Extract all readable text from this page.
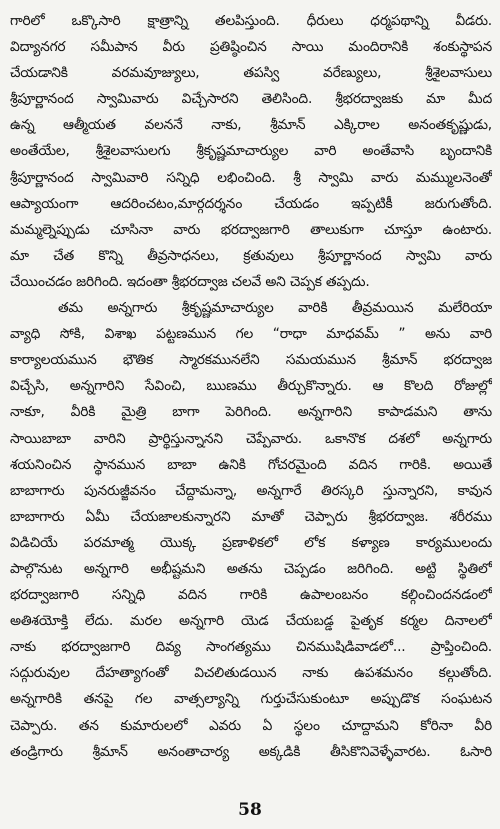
గారిలో ఒక్కొసారి క్షాత్రాన్ని తలపిస్తుంది. ధీరులు ధర్మపథాన్ని వీడరు.
విద్యానగర సమీపాన వీరు ప్రతిష్ఠించిన సాయి మందిరానికి శంకుస్థాపన
చేయడానికి వరమవూజ్యులు, తపస్వి వరేణ్యులు, శ్రీశైలవాసులు
శ్రీపూర్ణానంద స్వామివారు విచ్చేసారని తెలిసింది. శ్రీభరద్వాజకు మా మీద
ఉన్న ఆత్మీయత వలననే నాకు, శ్రీమాన్ ఎక్కిరాల అనంతకృష్ణుడు,
అంతేయేల, శ్రీశైలవాసులగు శ్రీకృష్ణమాచార్యుల వారి అంతేవాసి బృందానికి
శ్రీపూర్ణానంద స్వామివారి సన్నిధి లభించింది. శ్రీ స్వామి వారు మమ్ములనెంతో
ఆప్యాయంగా ఆదరించటం,మార్గదర్శనం చేయడం ఇప్పటికీ జరుగుతోంది.
మమ్మల్నెప్పుడు చూసినా వారు భరద్వాజగారి తాలుకుగా చూస్తూ ఉంటారు.
మా చేత కొన్ని తీవ్రసాధనలు, క్రతువులు శ్రీపూర్ణానంద స్వామి వారు
చేయించడం జరిగింది. ఇదంతా శ్రీభరద్వాజ చలవే అని చెప్పక తప్పదు.
తమ అన్నగారు శ్రీకృష్ణమాచార్యుల వారికి తీవ్రమయిన మలేరియా
వ్యాధి సోకి, విశాఖ పట్టణమున గల “రాధా మాధవమ్ ” అను వారి
కార్యాలయమున భౌతిక స్మారకమునలేని సమయమున శ్రీమాన్ భరద్వాజ
విచ్చేసి, అన్నగారిని సేవించి, ఋణము తీర్చుకొన్నారు. ఆ కొలది రోజుల్లో
నాకూ, వీరికి మైత్రి బాగా పెరిగింది. అన్నగారిని కాపాడమని తాను
సాయిబాబా వారిని ప్రార్థిస్తున్నానని చెప్పేవారు. ఒకానొక దశలో అన్నగారు
శయనించిన స్థానమున బాబా ఉనికి గోచరమైంది వదిన గారికి. అయితే
బాబాగారు పునరుజ్జీవనం చేద్దామన్నా, అన్నగారే తిరస్కరి స్తున్నారని, కావున
బాబాగారు ఏమీ చేయజాలకున్నారని మాతో చెప్పారు శ్రీభరద్వాజ. శరీరము
విడిచియే పరమాత్మ యొక్క ప్రణాళికలో లోక కళ్యాణ కార్యములందు
పాల్గొనుట అన్నగారి అభీష్టమని అతను చెప్పడం జరిగింది. అట్టి స్థితిలో
భరద్వాజగారి సన్నిధి వదిన గారికి ఉపాలంబనం కల్గించిందనడంలో
అతిశయోక్తి లేదు. మరల అన్నగారి యెడ చేయబడ్డ పైతృక కర్మల దినాలలో
నాకు భరద్వాజగారి దివ్య సాంగత్యము చినముషిడివాడలో... ప్రాప్తించింది.
సద్గురువుల దేహత్యాగంతో విచలితుడయిన నాకు ఉపశమనం కల్గుతోంది.
అన్నగారికి తనపై గల వాత్సల్యాన్ని గుర్తుచేసుకుంటూ అప్పుడొక సంఘటన
చెప్పారు. తన కుమారులలో ఎవరు ఏ స్థలం చూద్దామని కోరినా వీరి
తండ్రిగారు శ్రీమాన్ అనంతాచార్య అక్కడికి తీసికొనివెళ్ళేవారట. ఓసారి
58
